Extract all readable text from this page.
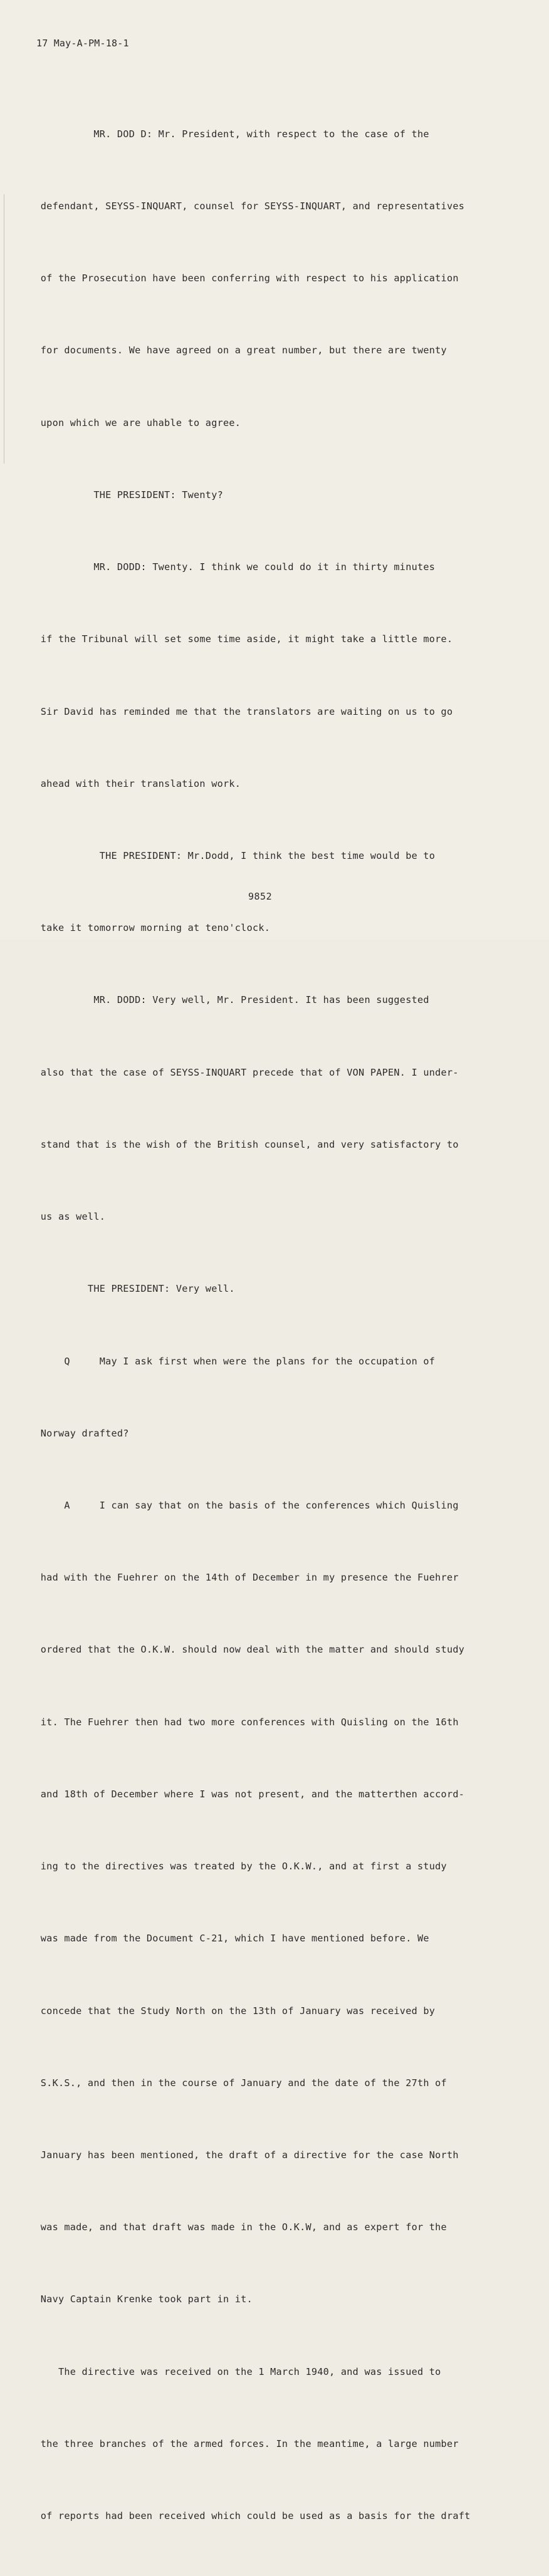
17 May-A-PM-18-1

MR. DOD D: Mr. President, with respect to the case of the

defendant, SEYSS-INQUART, counsel for SEYSS-INQUART, and representatives

of the Prosecution have been conferring with respect to his application

for documents. We have agreed on a great number, but there are twenty

upon which we are uhable to agree.

THE PRESIDENT: Twenty?

MR. DODD: Twenty. I think we could do it in thirty minutes

if the Tribunal will set some time aside, it might take a little more.

Sir David has reminded me that the translators are waiting on us to go

ahead with their translation work.

THE PRESIDENT: Mr.Dodd, I think the best time would be to

take it tomorrow morning at teno'clock.

MR. DODD: Very well, Mr. President. It has been suggested

also that the case of SEYSS-INQUART precede that of VON PAPEN. I under-

stand that is the wish of the British counsel, and very satisfactory to

us as well.

THE PRESIDENT: Very well.

Q     May I ask first when were the plans for the occupation of

Norway drafted?

A     I can say that on the basis of the conferences which Quisling

had with the Fuehrer on the 14th of December in my presence the Fuehrer

ordered that the O.K.W. should now deal with the matter and should study

it. The Fuehrer then had two more conferences with Quisling on the 16th

and 18th of December where I was not present, and the matterthen accord-

ing to the directives was treated by the O.K.W., and at first a study

was made from the Document C-21, which I have mentioned before. We

concede that the Study North on the 13th of January was received by

S.K.S., and then in the course of January and the date of the 27th of

January has been mentioned, the draft of a directive for the case North

was made, and that draft was made in the O.K.W, and as expert for the

Navy Captain Krenke took part in it.

The directive was received on the 1 March 1940, and was issued to

the three branches of the armed forces. In the meantime, a large number

of reports had been received which could be used as a basis for the draft

9852
